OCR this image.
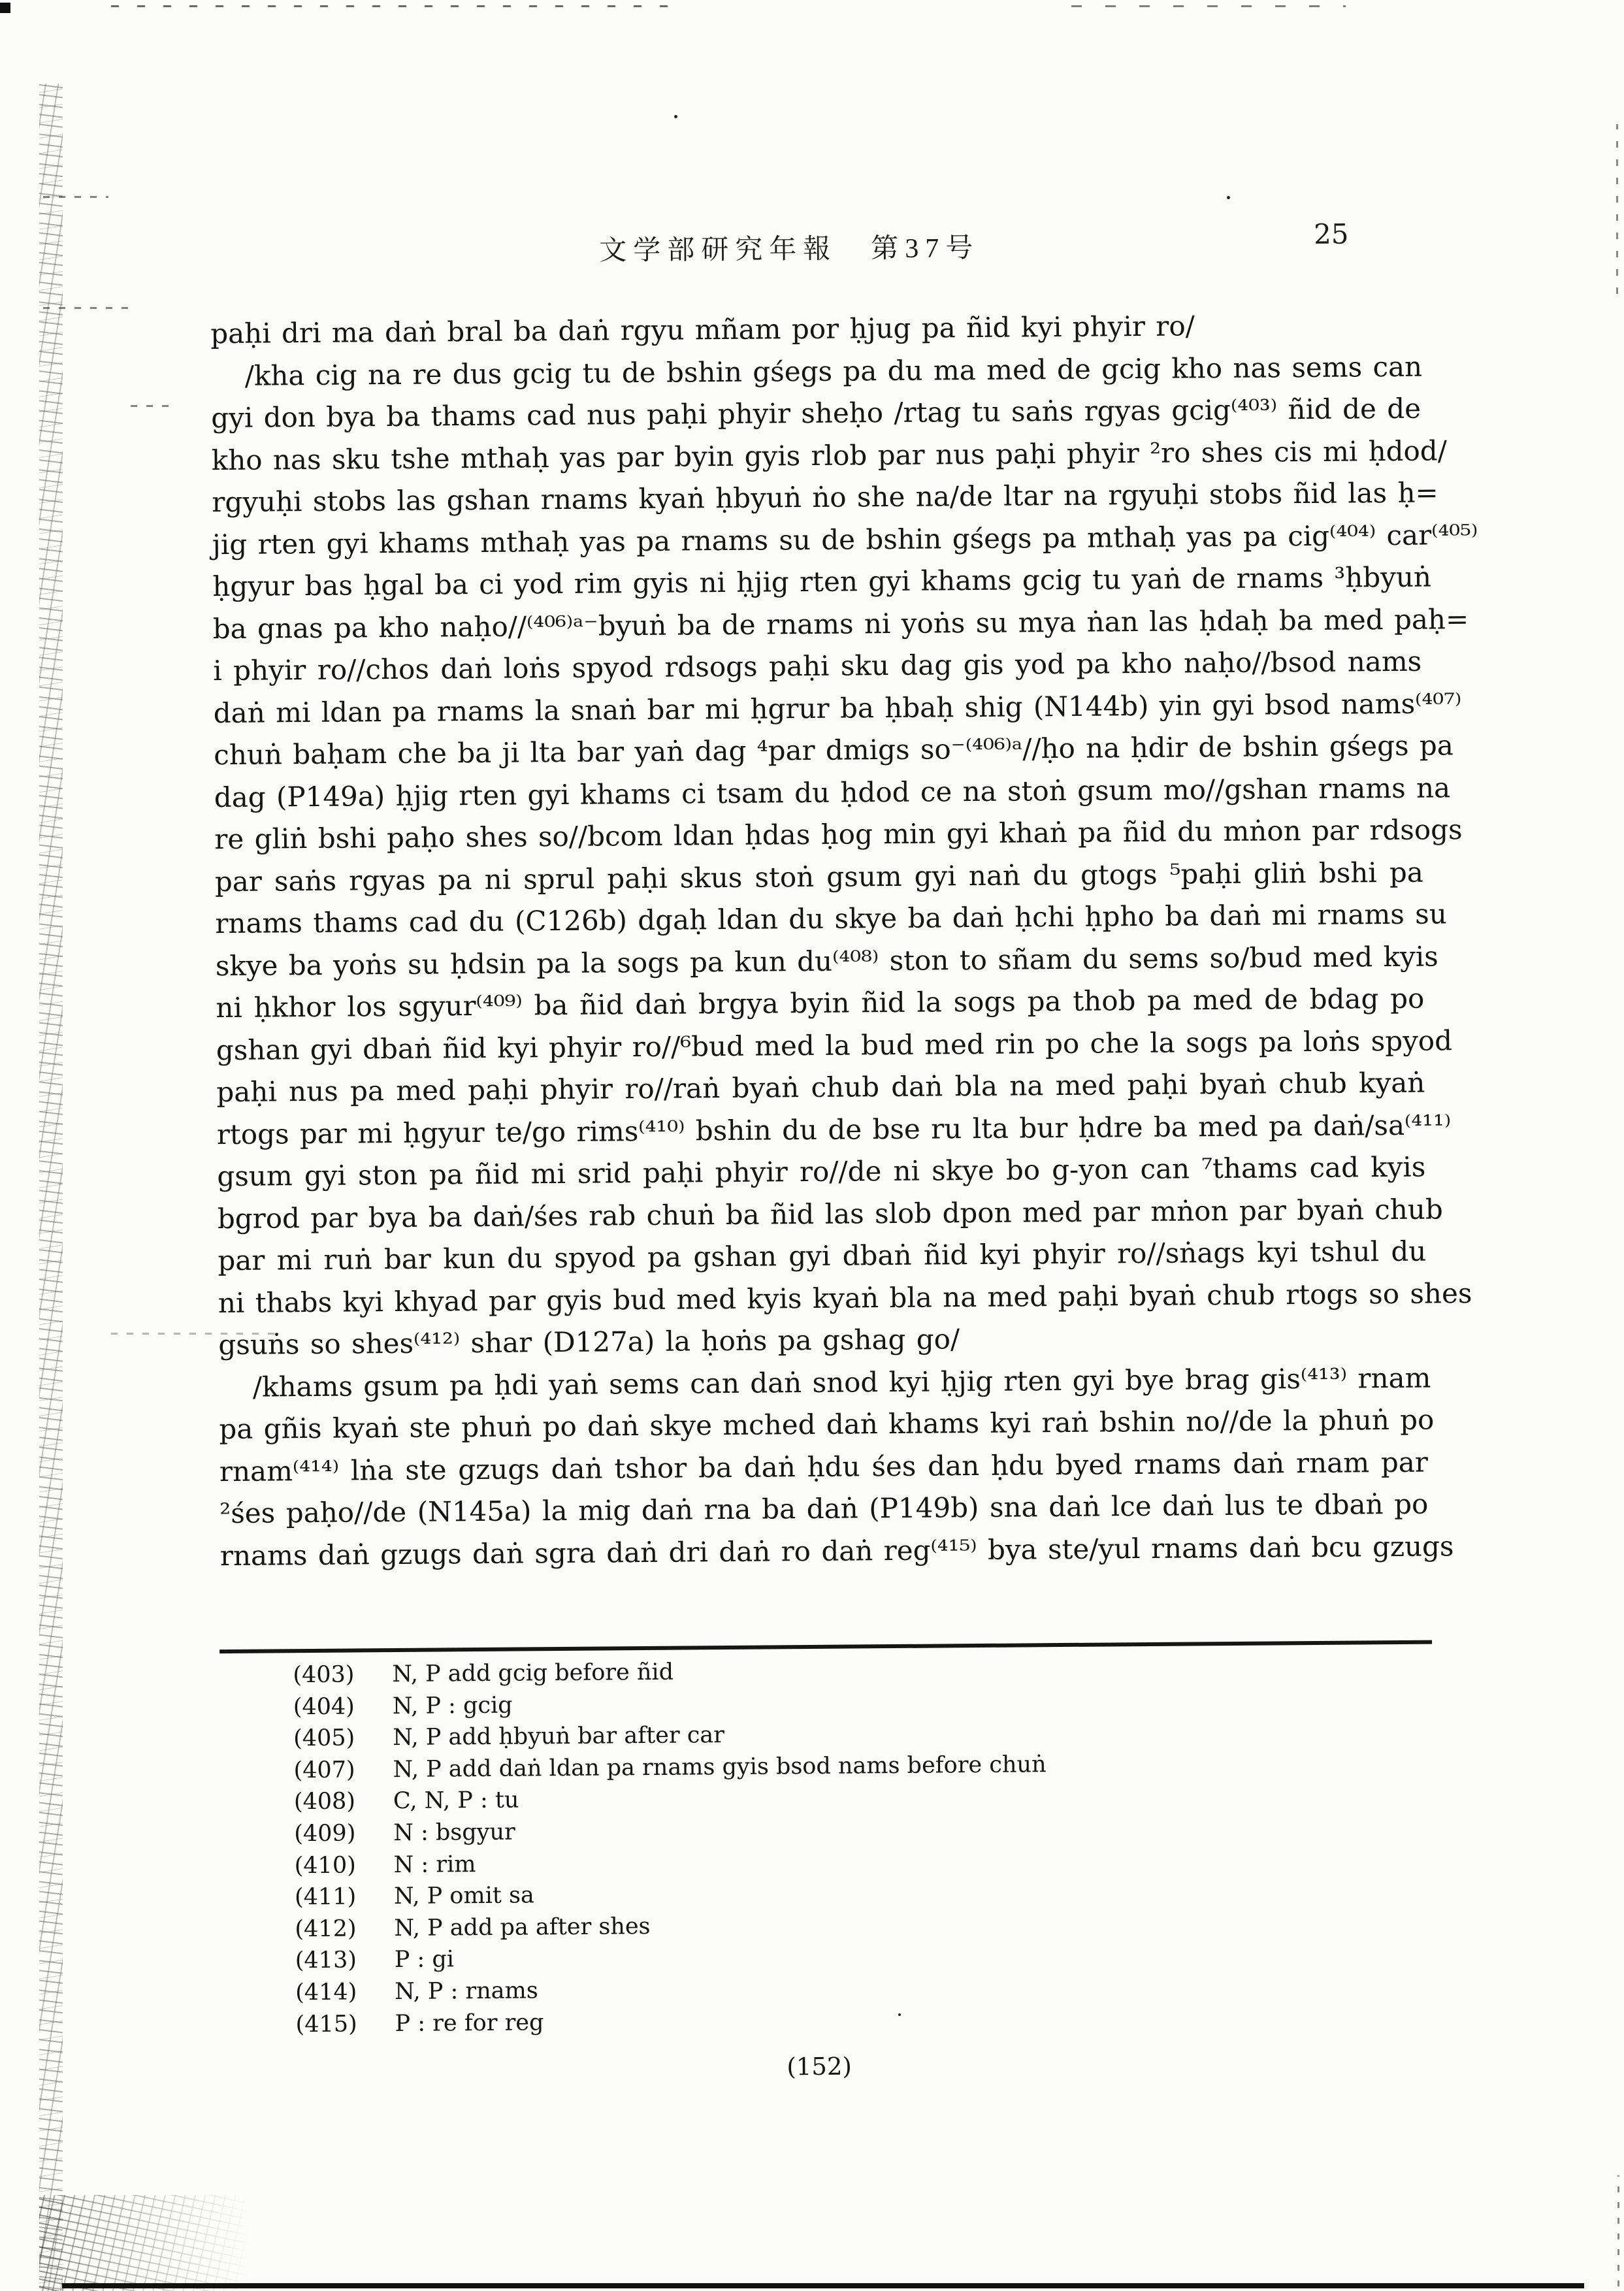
文学部研究年報　第37号	25
paḥi dri ma daṅ bral ba daṅ rgyu mñam por ḥjug pa ñid kyi phyir ro/
/kha cig na re dus gcig tu de bshin gśegs pa du ma med de gcig kho nas sems can
gyi don bya ba thams cad nus paḥi phyir sheḥo /rtag tu saṅs rgyas gcig⁽⁴⁰³⁾ ñid de de
kho nas sku tshe mthaḥ yas par byin gyis rlob par nus paḥi phyir ²ro shes cis mi ḥdod/
rgyuḥi stobs las gshan rnams kyaṅ ḥbyuṅ ṅo she na/de ltar na rgyuḥi stobs ñid las ḥ=
jig rten gyi khams mthaḥ yas pa rnams su de bshin gśegs pa mthaḥ yas pa cig⁽⁴⁰⁴⁾ car⁽⁴⁰⁵⁾
ḥgyur bas ḥgal ba ci yod rim gyis ni ḥjig rten gyi khams gcig tu yaṅ de rnams ³ḥbyuṅ
ba gnas pa kho naḥo//⁽⁴⁰⁶⁾ᵃ⁻byuṅ ba de rnams ni yoṅs su mya ṅan las ḥdaḥ ba med paḥ=
i phyir ro//chos daṅ loṅs spyod rdsogs paḥi sku dag gis yod pa kho naḥo//bsod nams
daṅ mi ldan pa rnams la snaṅ bar mi ḥgrur ba ḥbaḥ shig (N144b) yin gyi bsod nams⁽⁴⁰⁷⁾
chuṅ baḥam che ba ji lta bar yaṅ dag ⁴par dmigs so⁻⁽⁴⁰⁶⁾ᵃ//ḥo na ḥdir de bshin gśegs pa
dag (P149a) ḥjig rten gyi khams ci tsam du ḥdod ce na stoṅ gsum mo//gshan rnams na
re gliṅ bshi paḥo shes so//bcom ldan ḥdas ḥog min gyi khaṅ pa ñid du mṅon par rdsogs
par saṅs rgyas pa ni sprul paḥi skus stoṅ gsum gyi naṅ du gtogs ⁵paḥi gliṅ bshi pa
rnams thams cad du (C126b) dgaḥ ldan du skye ba daṅ ḥchi ḥpho ba daṅ mi rnams su
skye ba yoṅs su ḥdsin pa la sogs pa kun du⁽⁴⁰⁸⁾ ston to sñam du sems so/bud med kyis
ni ḥkhor los sgyur⁽⁴⁰⁹⁾ ba ñid daṅ brgya byin ñid la sogs pa thob pa med de bdag po
gshan gyi dbaṅ ñid kyi phyir ro//⁶bud med la bud med rin po che la sogs pa loṅs spyod
paḥi nus pa med paḥi phyir ro//raṅ byaṅ chub daṅ bla na med paḥi byaṅ chub kyaṅ
rtogs par mi ḥgyur te/go rims⁽⁴¹⁰⁾ bshin du de bse ru lta bur ḥdre ba med pa daṅ/sa⁽⁴¹¹⁾
gsum gyi ston pa ñid mi srid paḥi phyir ro//de ni skye bo g-yon can ⁷thams cad kyis
bgrod par bya ba daṅ/śes rab chuṅ ba ñid las slob dpon med par mṅon par byaṅ chub
par mi ruṅ bar kun du spyod pa gshan gyi dbaṅ ñid kyi phyir ro//sṅags kyi tshul du
ni thabs kyi khyad par gyis bud med kyis kyaṅ bla na med paḥi byaṅ chub rtogs so shes
gsuṅs so shes⁽⁴¹²⁾ shar (D127a) la ḥoṅs pa gshag go/
/khams gsum pa ḥdi yaṅ sems can daṅ snod kyi ḥjig rten gyi bye brag gis⁽⁴¹³⁾ rnam
pa gñis kyaṅ ste phuṅ po daṅ skye mched daṅ khams kyi raṅ bshin no//de la phuṅ po
rnam⁽⁴¹⁴⁾ lṅa ste gzugs daṅ tshor ba daṅ ḥdu śes dan ḥdu byed rnams daṅ rnam par
²śes paḥo//de (N145a) la mig daṅ rna ba daṅ (P149b) sna daṅ lce daṅ lus te dbaṅ po
rnams daṅ gzugs daṅ sgra daṅ dri daṅ ro daṅ reg⁽⁴¹⁵⁾ bya ste/yul rnams daṅ bcu gzugs
(403)	N, P add gcig before ñid
(404)	N, P : gcig
(405)	N, P add ḥbyuṅ bar after car
(407)	N, P add daṅ ldan pa rnams gyis bsod nams before chuṅ
(408)	C, N, P : tu
(409)	N : bsgyur
(410)	N : rim
(411)	N, P omit sa
(412)	N, P add pa after shes
(413)	P : gi
(414)	N, P : rnams
(415)	P : re for reg
(152)
